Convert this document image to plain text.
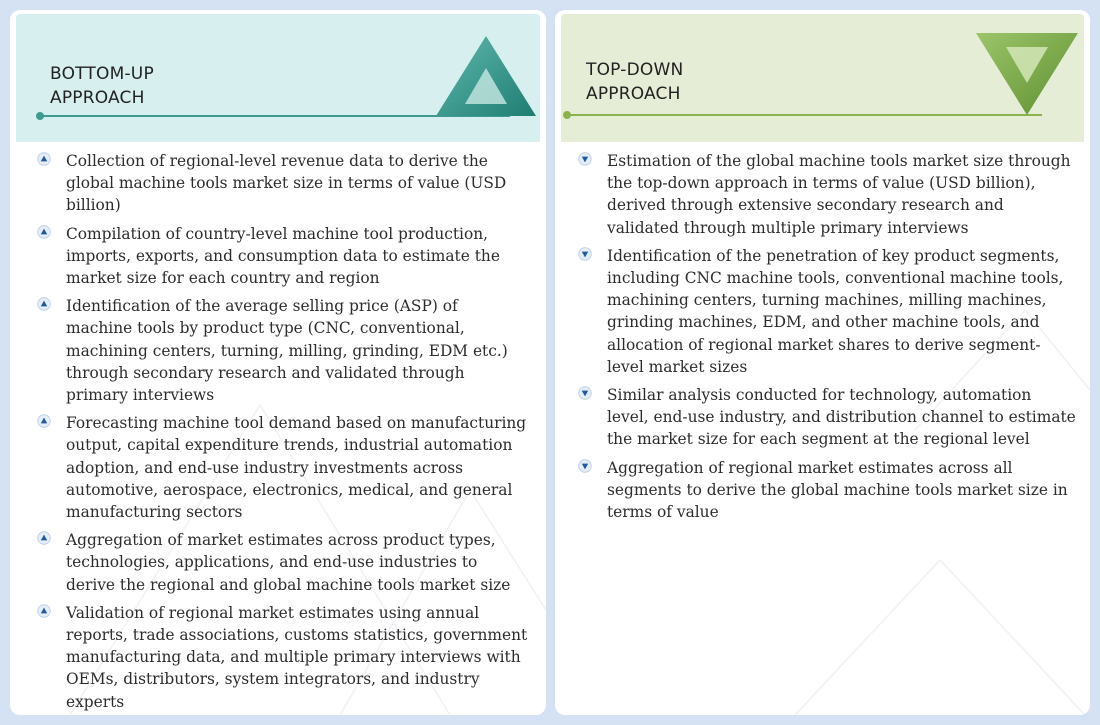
BOTTOM-UP
APPROACH
Collection of regional-level revenue data to derive the global machine tools market size in terms of value (USD billion)
Compilation of country-level machine tool production, imports, exports, and consumption data to estimate the market size for each country and region
Identification of the average selling price (ASP) of machine tools by product type (CNC, conventional, machining centers, turning, milling, grinding, EDM etc.) through secondary research and validated through primary interviews
Forecasting machine tool demand based on manufacturing output, capital expenditure trends, industrial automation adoption, and end-use industry investments across automotive, aerospace, electronics, medical, and general manufacturing sectors
Aggregation of market estimates across product types, technologies, applications, and end-use industries to derive the regional and global machine tools market size
Validation of regional market estimates using annual reports, trade associations, customs statistics, government manufacturing data, and multiple primary interviews with OEMs, distributors, system integrators, and industry experts
TOP-DOWN
APPROACH
Estimation of the global machine tools market size through the top-down approach in terms of value (USD billion), derived through extensive secondary research and validated through multiple primary interviews
Identification of the penetration of key product segments, including CNC machine tools, conventional machine tools, machining centers, turning machines, milling machines, grinding machines, EDM, and other machine tools, and allocation of regional market shares to derive segment-level market sizes
Similar analysis conducted for technology, automation level, end-use industry, and distribution channel to estimate the market size for each segment at the regional level
Aggregation of regional market estimates across all segments to derive the global machine tools market size in terms of value
